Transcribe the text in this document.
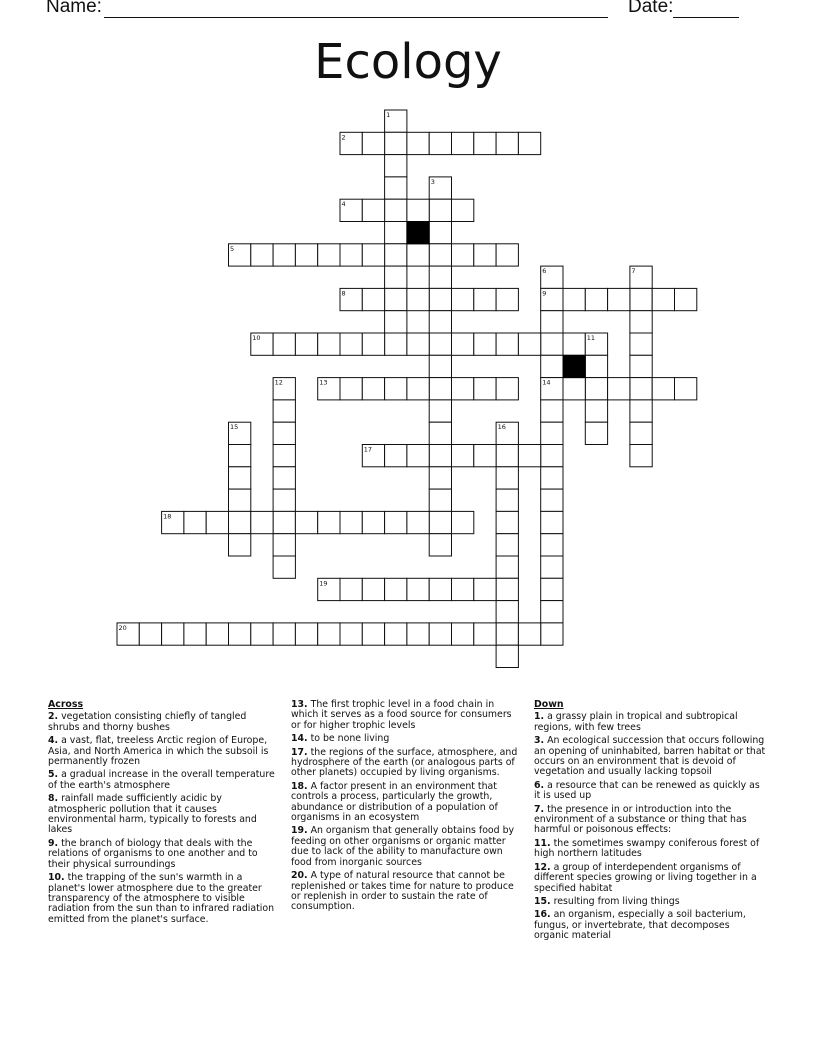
Name:	Date:
Ecology
1
2
3
4
5
6	7
8	9
10	11
12	13	14
15	16
17
18
19
20
Across
2. vegetation consisting chiefly of tangled shrubs and thorny bushes
4. a vast, flat, treeless Arctic region of Europe, Asia, and North America in which the subsoil is permanently frozen
5. a gradual increase in the overall temperature of the earth's atmosphere
8. rainfall made sufficiently acidic by atmospheric pollution that it causes environmental harm, typically to forests and lakes
9. the branch of biology that deals with the relations of organisms to one another and to their physical surroundings
10. the trapping of the sun's warmth in a planet's lower atmosphere due to the greater transparency of the atmosphere to visible radiation from the sun than to infrared radiation emitted from the planet's surface.
13. The first trophic level in a food chain in which it serves as a food source for consumers or for higher trophic levels
14. to be none living
17. the regions of the surface, atmosphere, and hydrosphere of the earth (or analogous parts of other planets) occupied by living organisms.
18. A factor present in an environment that controls a process, particularly the growth, abundance or distribution of a population of organisms in an ecosystem
19. An organism that generally obtains food by feeding on other organisms or organic matter due to lack of the ability to manufacture own food from inorganic sources
20. A type of natural resource that cannot be replenished or takes time for nature to produce or replenish in order to sustain the rate of consumption.
Down
1. a grassy plain in tropical and subtropical regions, with few trees
3. An ecological succession that occurs following an opening of uninhabited, barren habitat or that occurs on an environment that is devoid of vegetation and usually lacking topsoil
6. a resource that can be renewed as quickly as it is used up
7. the presence in or introduction into the environment of a substance or thing that has harmful or poisonous effects:
11. the sometimes swampy coniferous forest of high northern latitudes
12. a group of interdependent organisms of different species growing or living together in a specified habitat
15. resulting from living things
16. an organism, especially a soil bacterium, fungus, or invertebrate, that decomposes organic material
